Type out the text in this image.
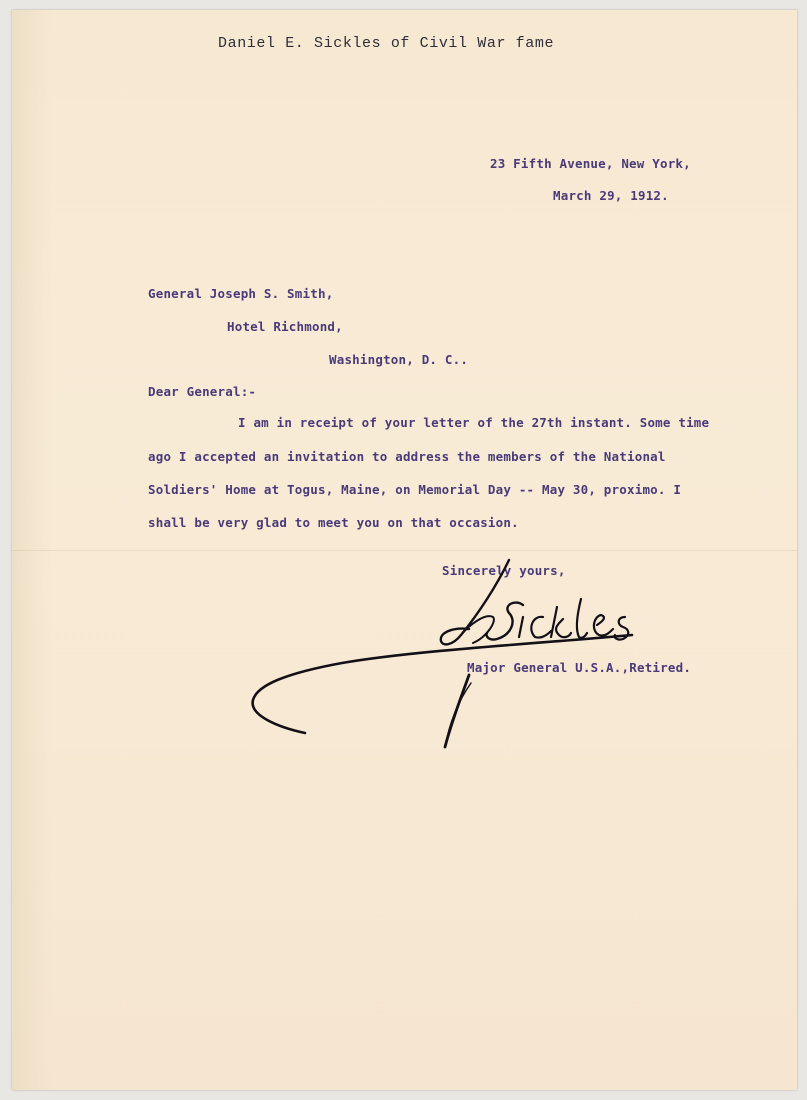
Daniel E. Sickles of Civil War fame
23 Fifth Avenue, New York,
March 29, 1912.
General Joseph S. Smith,
Hotel Richmond,
Washington, D. C..
Dear General:-
I am in receipt of your letter of the 27th instant. Some time
ago I accepted an invitation to address the members of the National
Soldiers' Home at Togus, Maine, on Memorial Day -- May 30, proximo. I
shall be very glad to meet you on that occasion.
Sincerely yours,
Major General U.S.A.,Retired.
